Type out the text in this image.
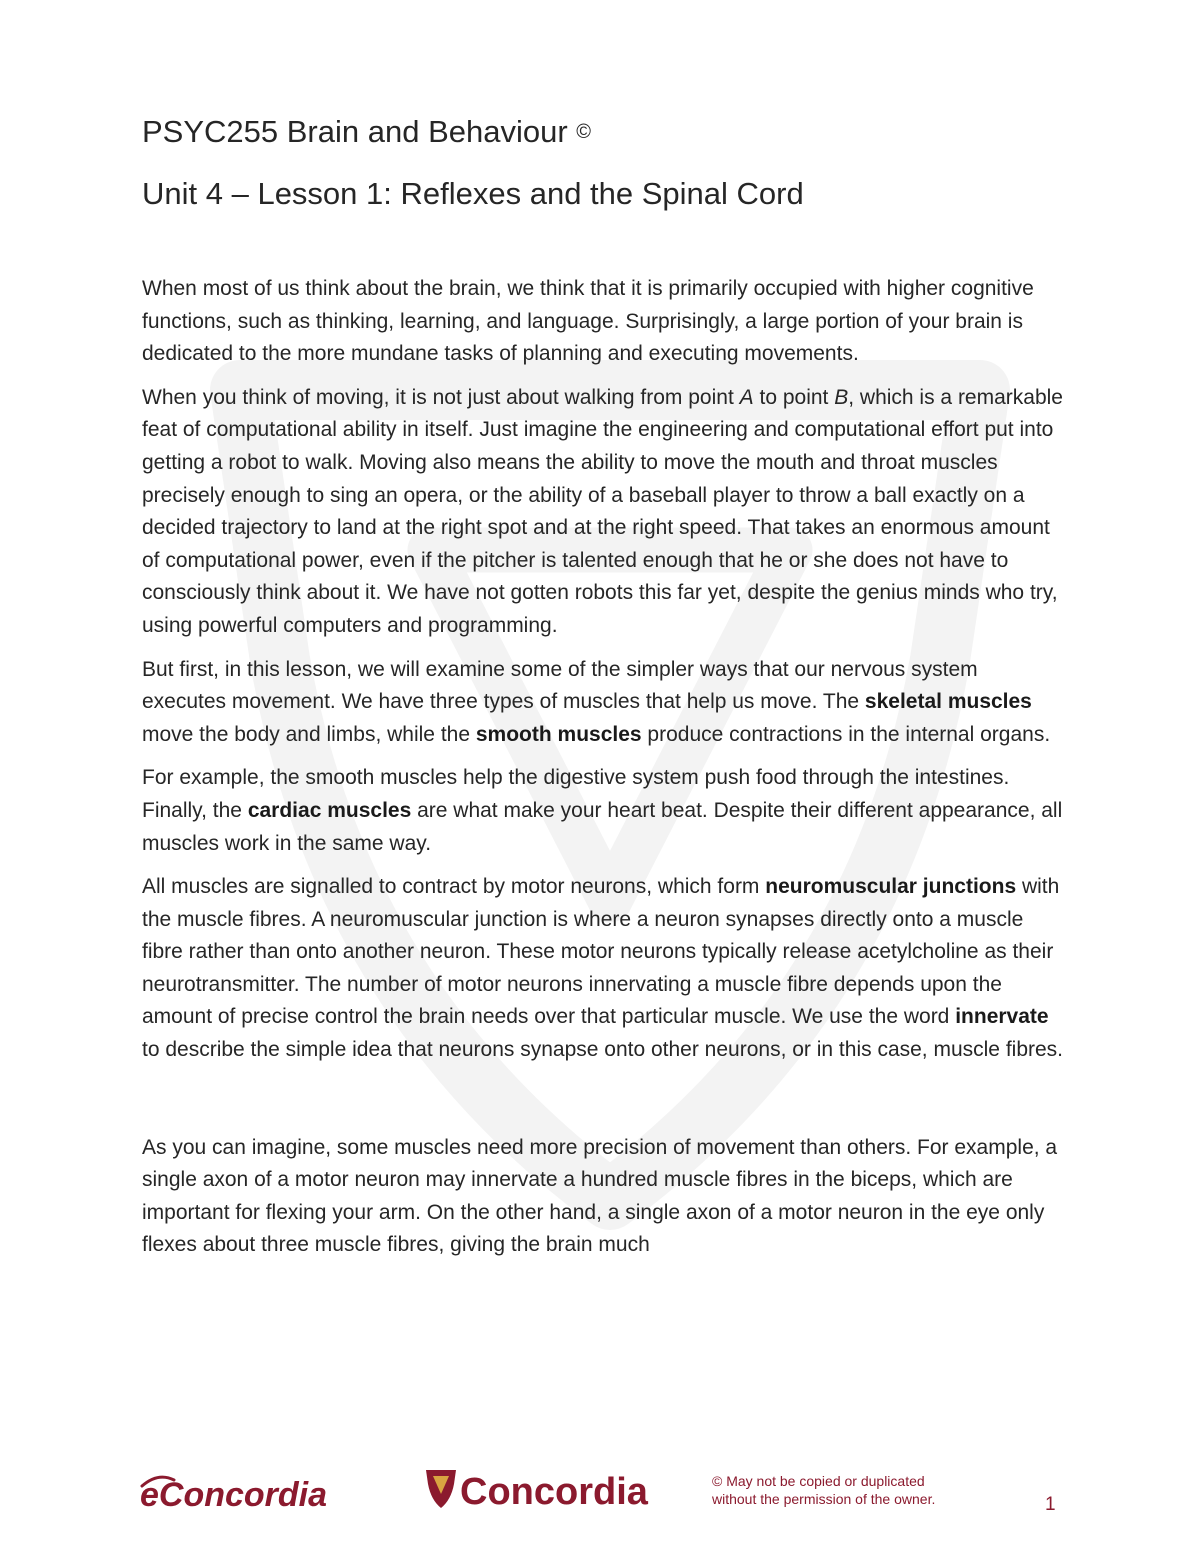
PSYC255 Brain and Behaviour ©
Unit 4 – Lesson 1: Reflexes and the Spinal Cord

When most of us think about the brain, we think that it is primarily occupied with higher cognitive functions, such as thinking, learning, and language. Surprisingly, a large portion of your brain is dedicated to the more mundane tasks of planning and executing movements.

When you think of moving, it is not just about walking from point A to point B, which is a remarkable feat of computational ability in itself. Just imagine the engineering and computational effort put into getting a robot to walk. Moving also means the ability to move the mouth and throat muscles precisely enough to sing an opera, or the ability of a baseball player to throw a ball exactly on a decided trajectory to land at the right spot and at the right speed. That takes an enormous amount of computational power, even if the pitcher is talented enough that he or she does not have to consciously think about it. We have not gotten robots this far yet, despite the genius minds who try, using powerful computers and programming.

But first, in this lesson, we will examine some of the simpler ways that our nervous system executes movement. We have three types of muscles that help us move. The skeletal muscles move the body and limbs, while the smooth muscles produce contractions in the internal organs.

For example, the smooth muscles help the digestive system push food through the intestines. Finally, the cardiac muscles are what make your heart beat. Despite their different appearance, all muscles work in the same way.

All muscles are signalled to contract by motor neurons, which form neuromuscular junctions with the muscle fibres. A neuromuscular junction is where a neuron synapses directly onto a muscle fibre rather than onto another neuron. These motor neurons typically release acetylcholine as their neurotransmitter. The number of motor neurons innervating a muscle fibre depends upon the amount of precise control the brain needs over that particular muscle. We use the word innervate to describe the simple idea that neurons synapse onto other neurons, or in this case, muscle fibres.

As you can imagine, some muscles need more precision of movement than others. For example, a single axon of a motor neuron may innervate a hundred muscle fibres in the biceps, which are important for flexing your arm. On the other hand, a single axon of a motor neuron in the eye only flexes about three muscle fibres, giving the brain much

eConcordia	Concordia	© May not be copied or duplicated
without the permission of the owner.	1
